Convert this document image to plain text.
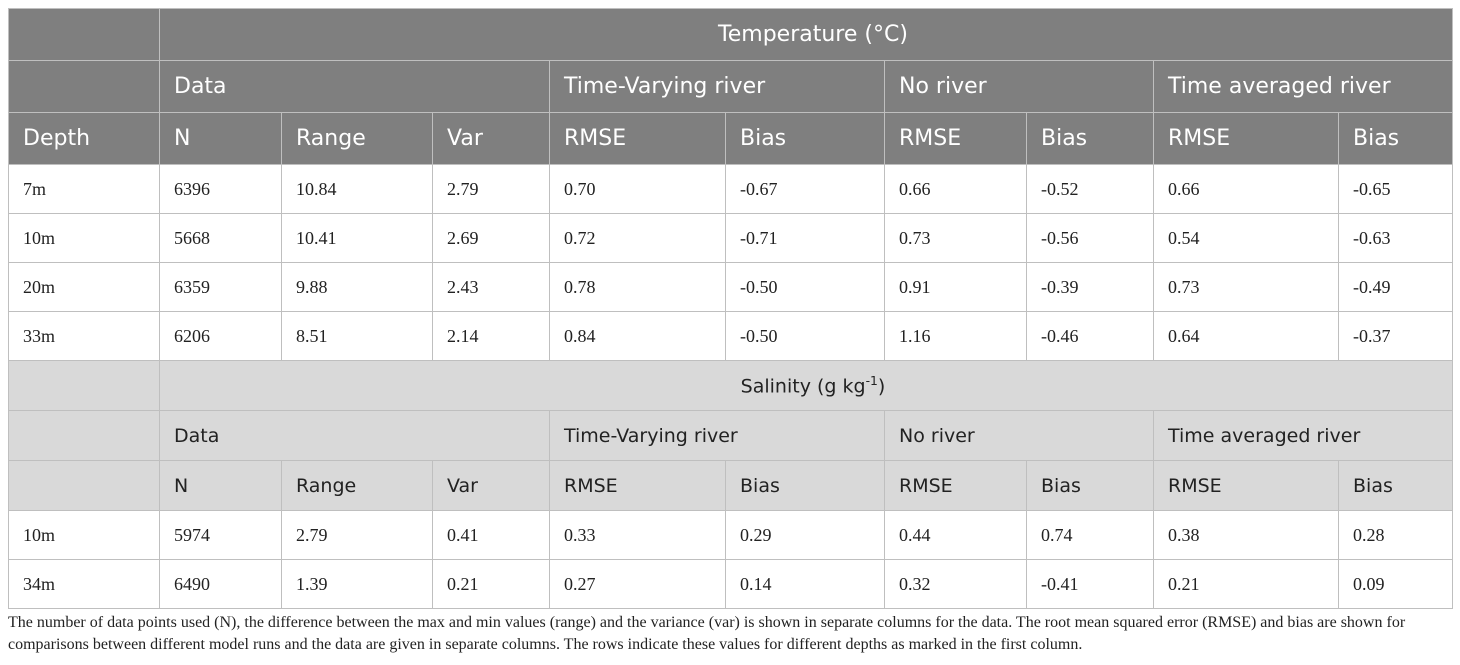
	Temperature (°C)								
	Data			Time-Varying river		No river		Time averaged river	
Depth	N	Range	Var	RMSE	Bias	RMSE	Bias	RMSE	Bias
7m	6396	10.84	2.79	0.70	-0.67	0.66	-0.52	0.66	-0.65
10m	5668	10.41	2.69	0.72	-0.71	0.73	-0.56	0.54	-0.63
20m	6359	9.88	2.43	0.78	-0.50	0.91	-0.39	0.73	-0.49
33m	6206	8.51	2.14	0.84	-0.50	1.16	-0.46	0.64	-0.37
	Salinity (g $kg^{-1}$)								
	Data			Time-Varying river		No river		Time averaged river	
	N	Range	Var	RMSE	Bias	RMSE	Bias	RMSE	Bias
10m	5974	2.79	0.41	0.33	0.29	0.44	0.74	0.38	0.28
34m	6490	1.39	0.21	0.27	0.14	0.32	-0.41	0.21	0.09
The number of data points used (N), the difference between the max and min values (range) and the variance (var) is shown in separate columns for the data. The root mean squared error (RMSE) and bias are shown for comparisons between different model runs and the data are given in separate columns. The rows indicate these values for different depths as marked in the first column.
